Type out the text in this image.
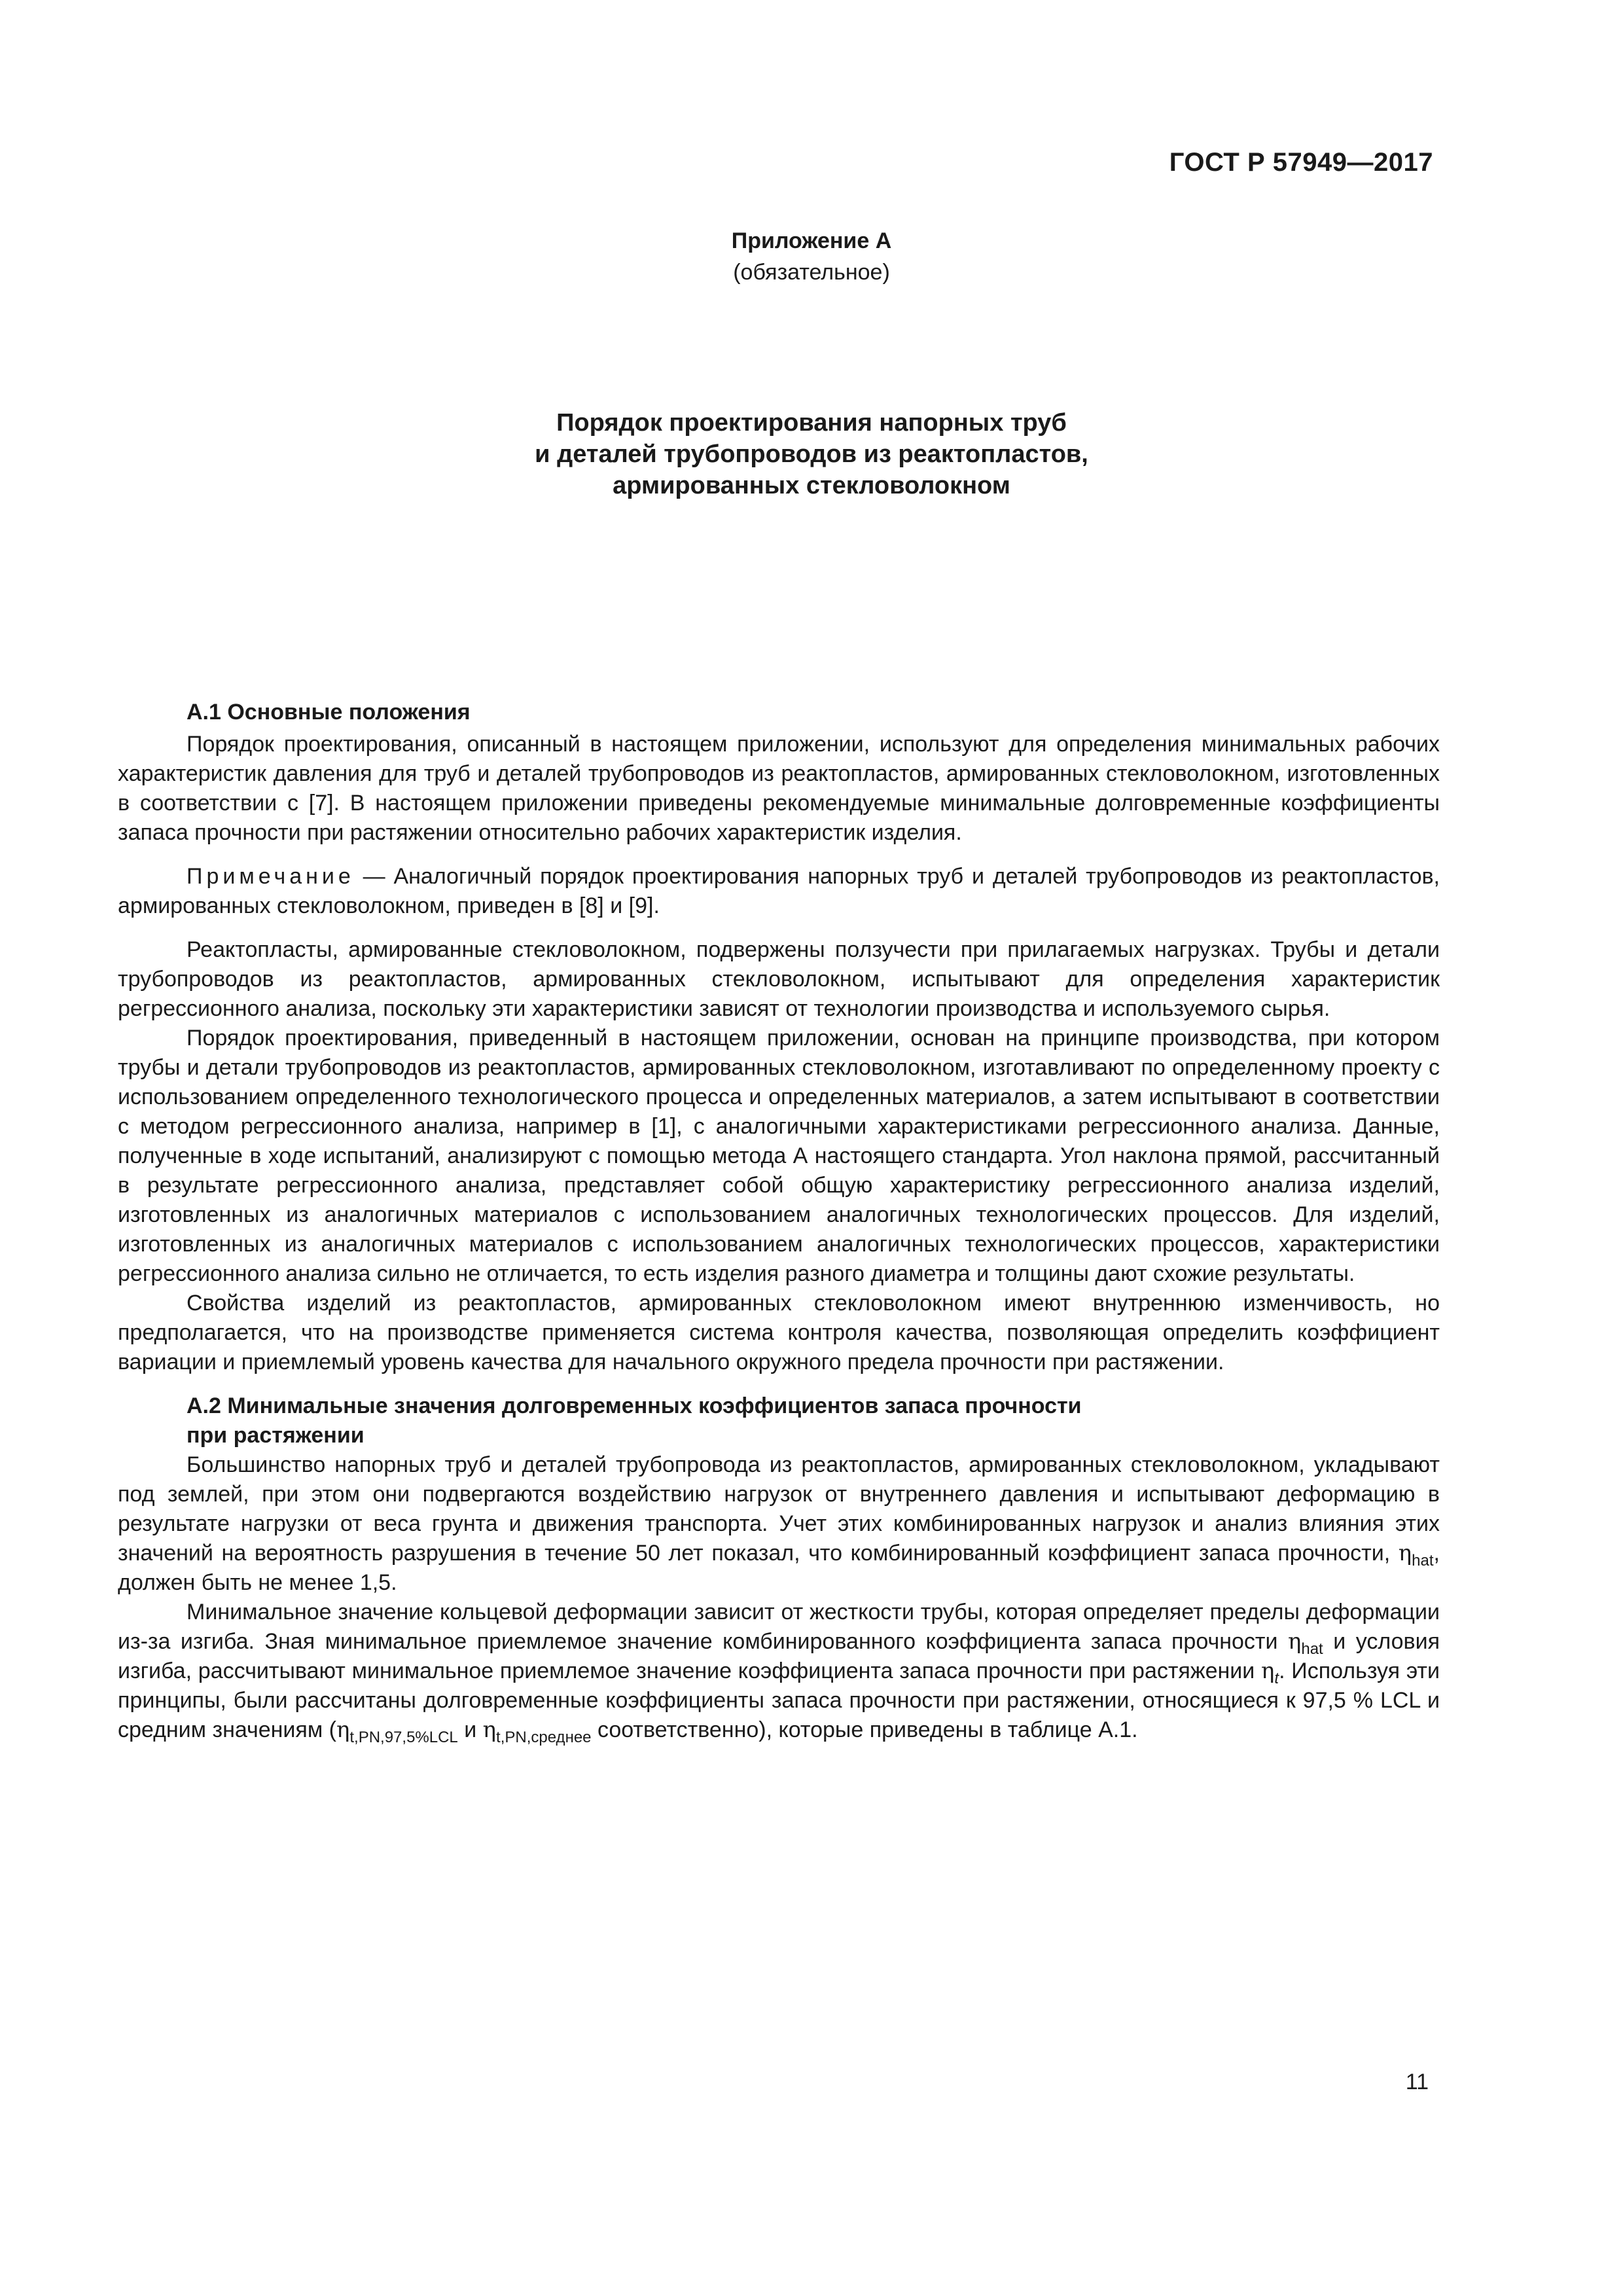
ГОСТ Р 57949—2017
Приложение А
(обязательное)
Порядок проектирования напорных труб
и деталей трубопроводов из реактопластов,
армированных стекловолокном

А.1 Основные положения

Порядок проектирования, описанный в настоящем приложении, используют для определения минимальных рабочих характеристик давления для труб и деталей трубопроводов из реактопластов, армированных стекловолокном, изготовленных в соответствии с [7]. В настоящем приложении приведены рекомендуемые минимальные долговременные коэффициенты запаса прочности при растяжении относительно рабочих характеристик изделия.

Примечание — Аналогичный порядок проектирования напорных труб и деталей трубопроводов из реактопластов, армированных стекловолокном, приведен в [8] и [9].

Реактопласты, армированные стекловолокном, подвержены ползучести при прилагаемых нагрузках. Трубы и детали трубопроводов из реактопластов, армированных стекловолокном, испытывают для определения характеристик регрессионного анализа, поскольку эти характеристики зависят от технологии производства и используемого сырья.

Порядок проектирования, приведенный в настоящем приложении, основан на принципе производства, при котором трубы и детали трубопроводов из реактопластов, армированных стекловолокном, изготавливают по определенному проекту с использованием определенного технологического процесса и определенных материалов, а затем испытывают в соответствии с методом регрессионного анализа, например в [1], с аналогичными характеристиками регрессионного анализа. Данные, полученные в ходе испытаний, анализируют с помощью метода А настоящего стандарта. Угол наклона прямой, рассчитанный в результате регрессионного анализа, представляет собой общую характеристику регрессионного анализа изделий, изготовленных из аналогичных материалов с использованием аналогичных технологических процессов. Для изделий, изготовленных из аналогичных материалов с использованием аналогичных технологических процессов, характеристики регрессионного анализа сильно не отличается, то есть изделия разного диаметра и толщины дают схожие результаты.

Свойства изделий из реактопластов, армированных стекловолокном имеют внутреннюю изменчивость, но предполагается, что на производстве применяется система контроля качества, позволяющая определить коэффициент вариации и приемлемый уровень качества для начального окружного предела прочности при растяжении.

А.2 Минимальные значения долговременных коэффициентов запаса прочности
при растяжении

Большинство напорных труб и деталей трубопровода из реактопластов, армированных стекловолокном, укладывают под землей, при этом они подвергаются воздействию нагрузок от внутреннего давления и испытывают деформацию в результате нагрузки от веса грунта и движения транспорта. Учет этих комбинированных нагрузок и анализ влияния этих значений на вероятность разрушения в течение 50 лет показал, что комбинированный коэффициент запаса прочности, $\eta_{hat}$, должен быть не менее 1,5.

Минимальное значение кольцевой деформации зависит от жесткости трубы, которая определяет пределы деформации из-за изгиба. Зная минимальное приемлемое значение комбинированного коэффициента запаса прочности $\eta_{hat}$ и условия изгиба, рассчитывают минимальное приемлемое значение коэффициента запаса прочности при растяжении $\eta_t$. Используя эти принципы, были рассчитаны долговременные коэффициенты запаса прочности при растяжении, относящиеся к 97,5 % LCL и средним значениям ($\eta_{t,PN,97,5\%LCL}$ и $\eta_{t,PN,среднее}$ соответственно), которые приведены в таблице А.1.

11
